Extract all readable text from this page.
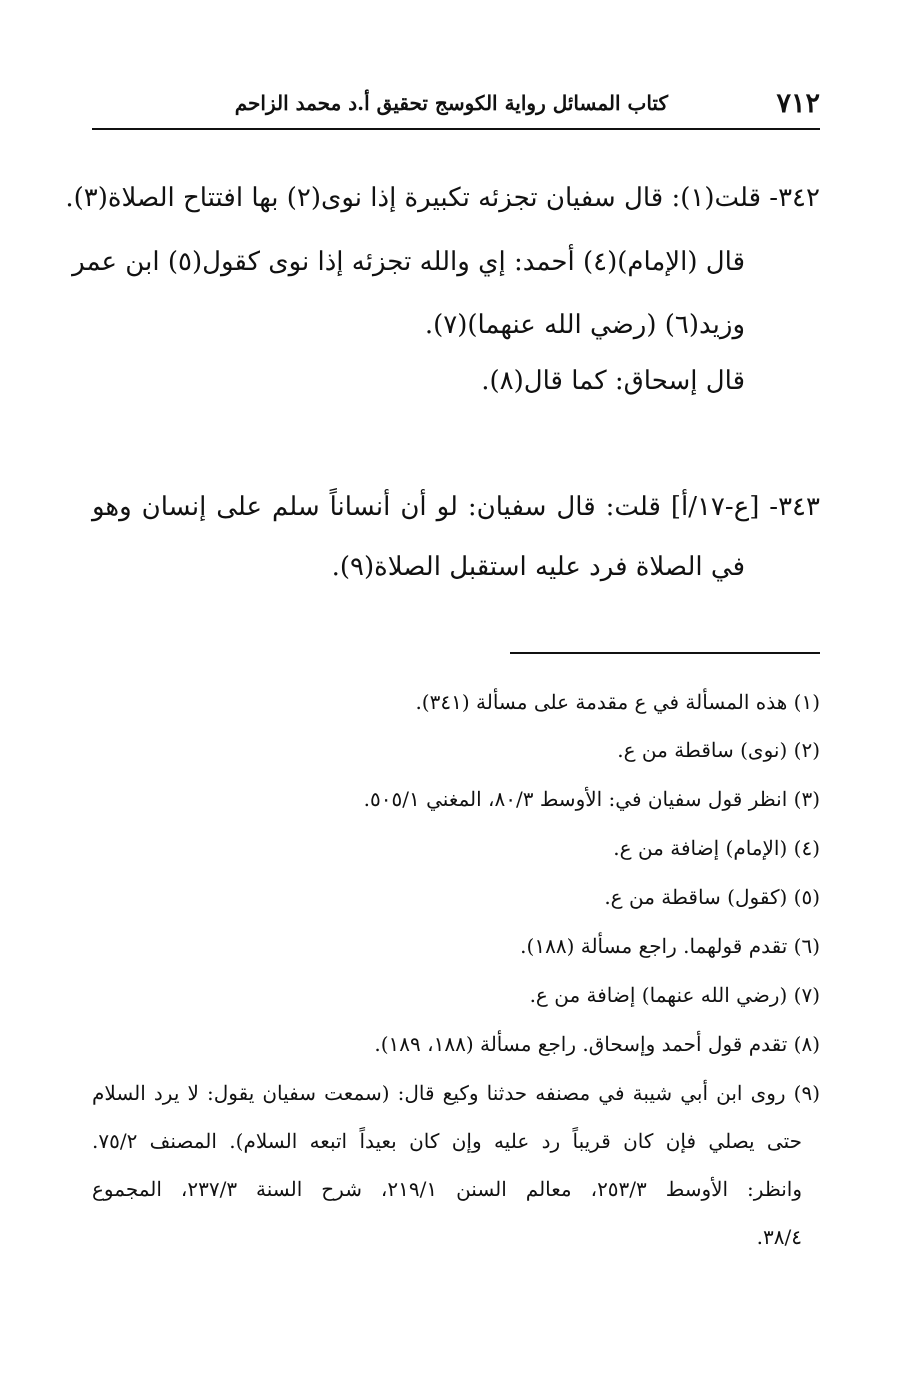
٧١٢
كتاب المسائل رواية الكوسج تحقيق أ.د محمد الزاحم
٣٤٢- قلت(١): قال سفيان تجزئه تكبيرة إذا نوى(٢) بها افتتاح الصلاة(٣).
قال (الإمام)(٤) أحمد: إي والله تجزئه إذا نوى كقول(٥) ابن عمر
وزيد(٦) (رضي الله عنهما)(٧).
قال إسحاق: كما قال(٨).
٣٤٣- [ع-١٧/أ] قلت: قال سفيان: لو أن أنساناً سلم على إنسان وهو
في الصلاة فرد عليه استقبل الصلاة(٩).
(١) هذه المسألة في ع مقدمة على مسألة (٣٤١).
(٢) (نوى) ساقطة من ع.
(٣) انظر قول سفيان في: الأوسط ٨٠/٣، المغني ٥٠٥/١.
(٤) (الإمام) إضافة من ع.
(٥) (كقول) ساقطة من ع.
(٦) تقدم قولهما. راجع مسألة (١٨٨).
(٧) (رضي الله عنهما) إضافة من ع.
(٨) تقدم قول أحمد وإسحاق. راجع مسألة (١٨٨، ١٨٩).
(٩) روى ابن أبي شيبة في مصنفه حدثنا وكيع قال: (سمعت سفيان يقول: لا يرد السلام
حتى يصلي فإن كان قريباً رد عليه وإن كان بعيداً اتبعه السلام). المصنف ٧٥/٢.
وانظر: الأوسط ٢٥٣/٣، معالم السنن ٢١٩/١، شرح السنة ٢٣٧/٣، المجموع
٣٨/٤.
